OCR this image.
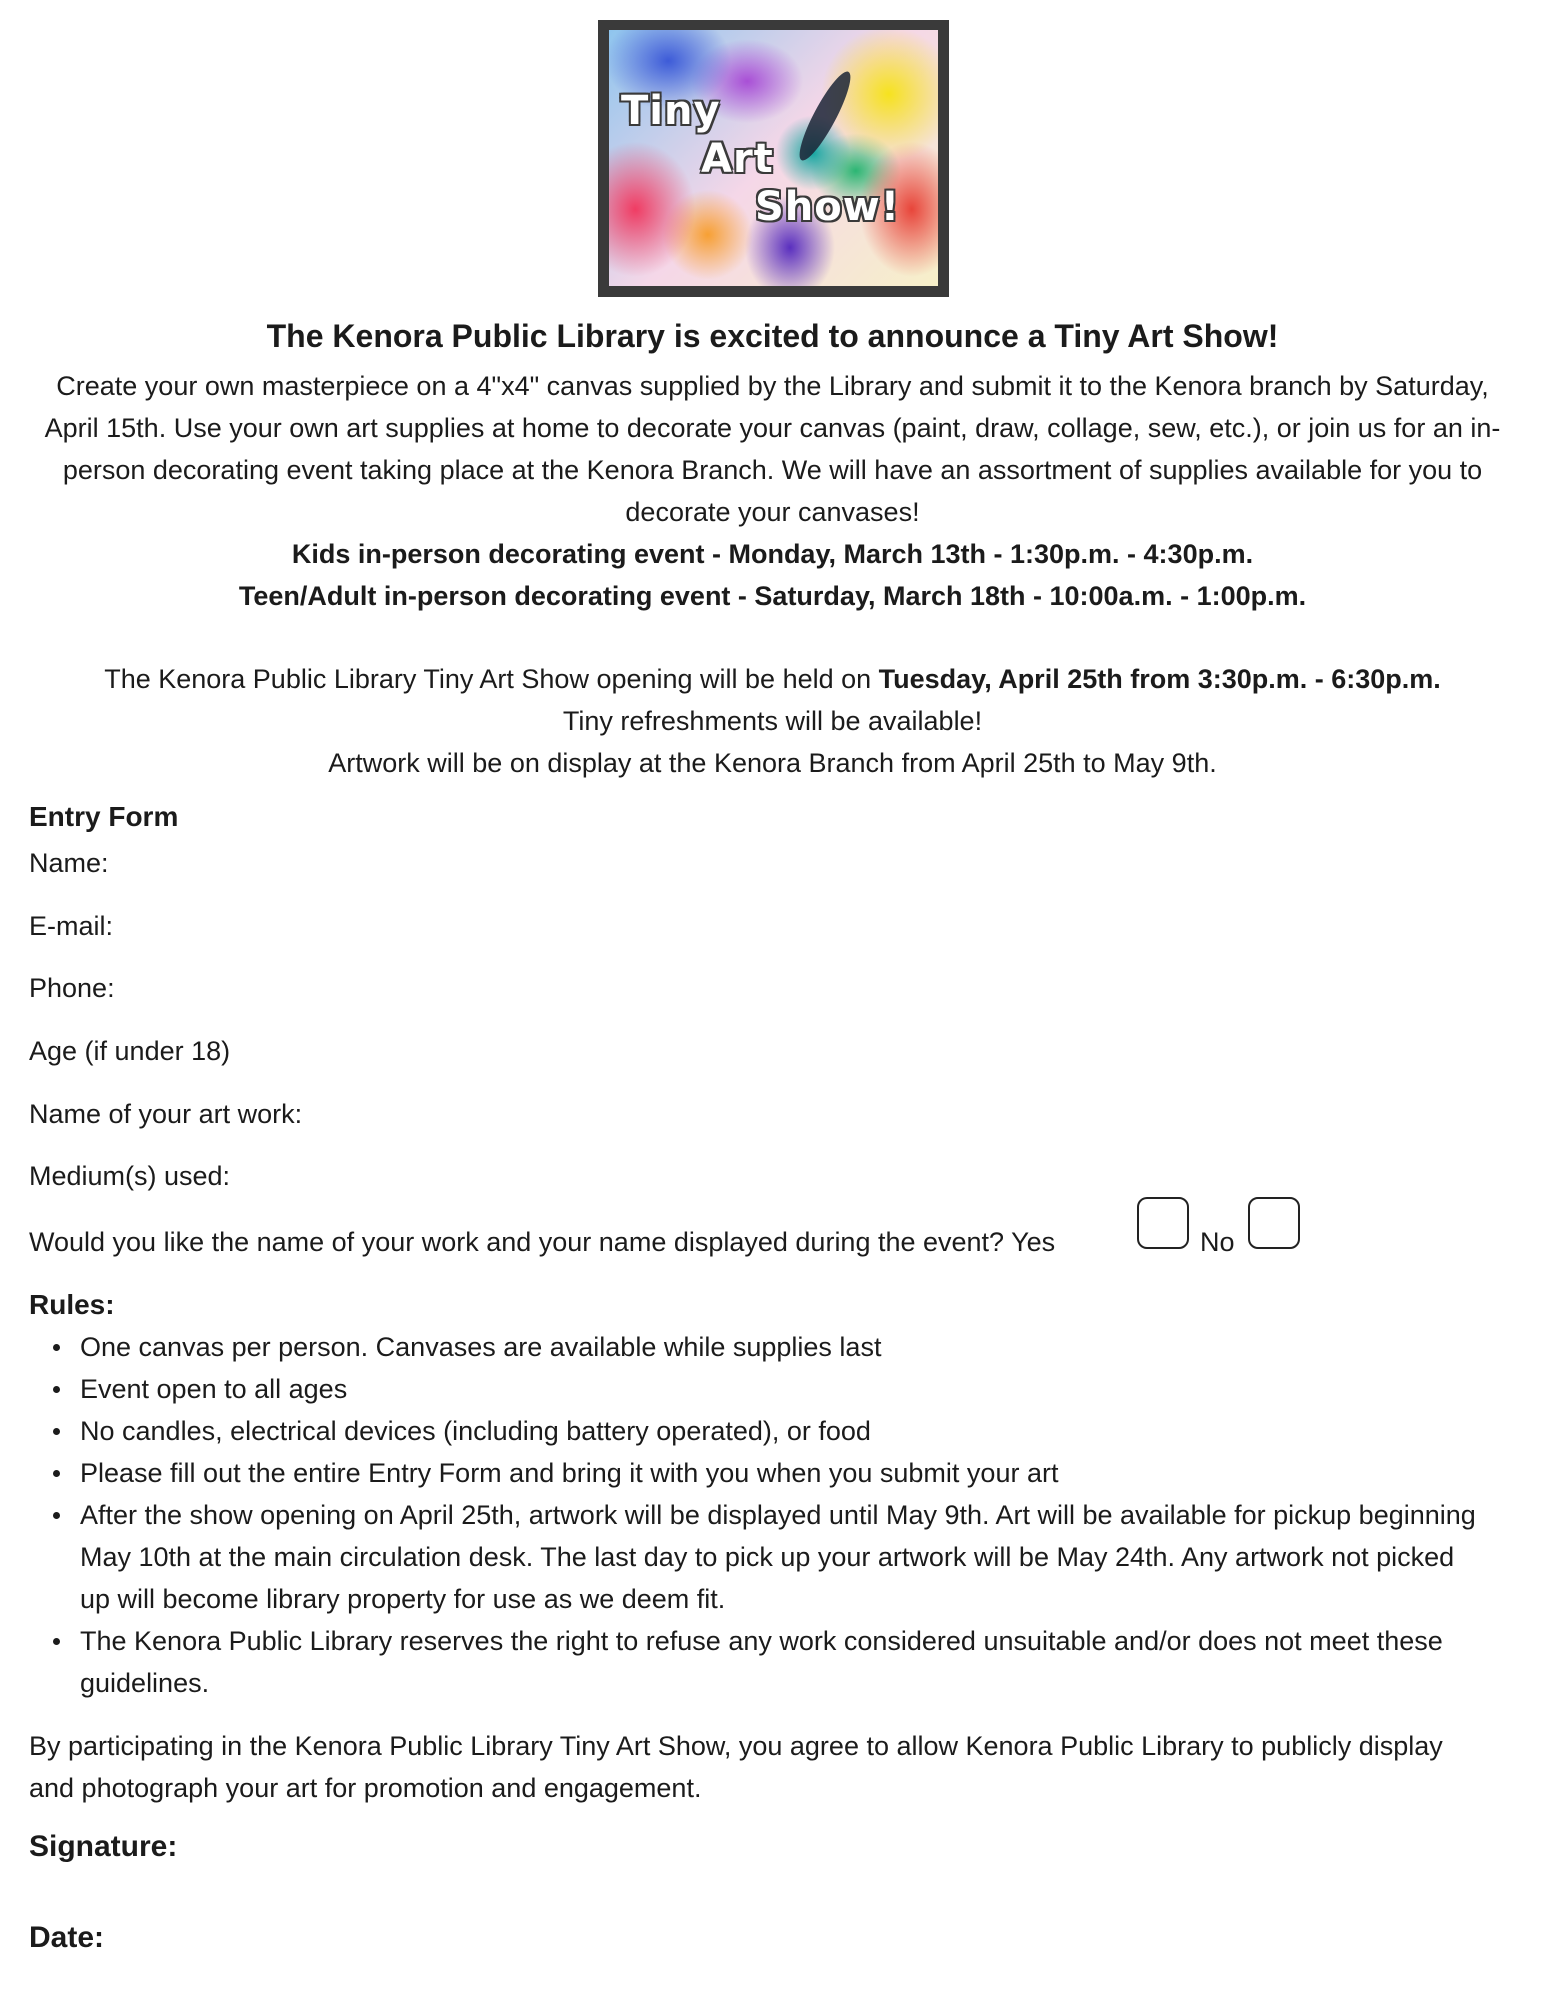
Tiny
Art
Show!

The Kenora Public Library is excited to announce a Tiny Art Show!

Create your own masterpiece on a 4"x4" canvas supplied by the Library and submit it to the Kenora branch by Saturday, April 15th. Use your own art supplies at home to decorate your canvas (paint, draw, collage, sew, etc.), or join us for an in-person decorating event taking place at the Kenora Branch. We will have an assortment of supplies available for you to decorate your canvases!

Kids in-person decorating event - Monday, March 13th - 1:30p.m. - 4:30p.m.

Teen/Adult in-person decorating event - Saturday, March 18th - 10:00a.m. - 1:00p.m.

The Kenora Public Library Tiny Art Show opening will be held on Tuesday, April 25th from 3:30p.m. - 6:30p.m.

Tiny refreshments will be available!

Artwork will be on display at the Kenora Branch from April 25th to May 9th.

Entry Form

Name:

E-mail:

Phone:

Age (if under 18)

Name of your art work:

Medium(s) used:

Would you like the name of your work and your name displayed during the event? Yes	No

Rules:

One canvas per person. Canvases are available while supplies last
Event open to all ages
No candles, electrical devices (including battery operated), or food
Please fill out the entire Entry Form and bring it with you when you submit your art
After the show opening on April 25th, artwork will be displayed until May 9th. Art will be available for pickup beginning May 10th at the main circulation desk. The last day to pick up your artwork will be May 24th. Any artwork not picked up will become library property for use as we deem fit.
The Kenora Public Library reserves the right to refuse any work considered unsuitable and/or does not meet these guidelines.

By participating in the Kenora Public Library Tiny Art Show, you agree to allow Kenora Public Library to publicly display and photograph your art for promotion and engagement.

Signature:

Date:
